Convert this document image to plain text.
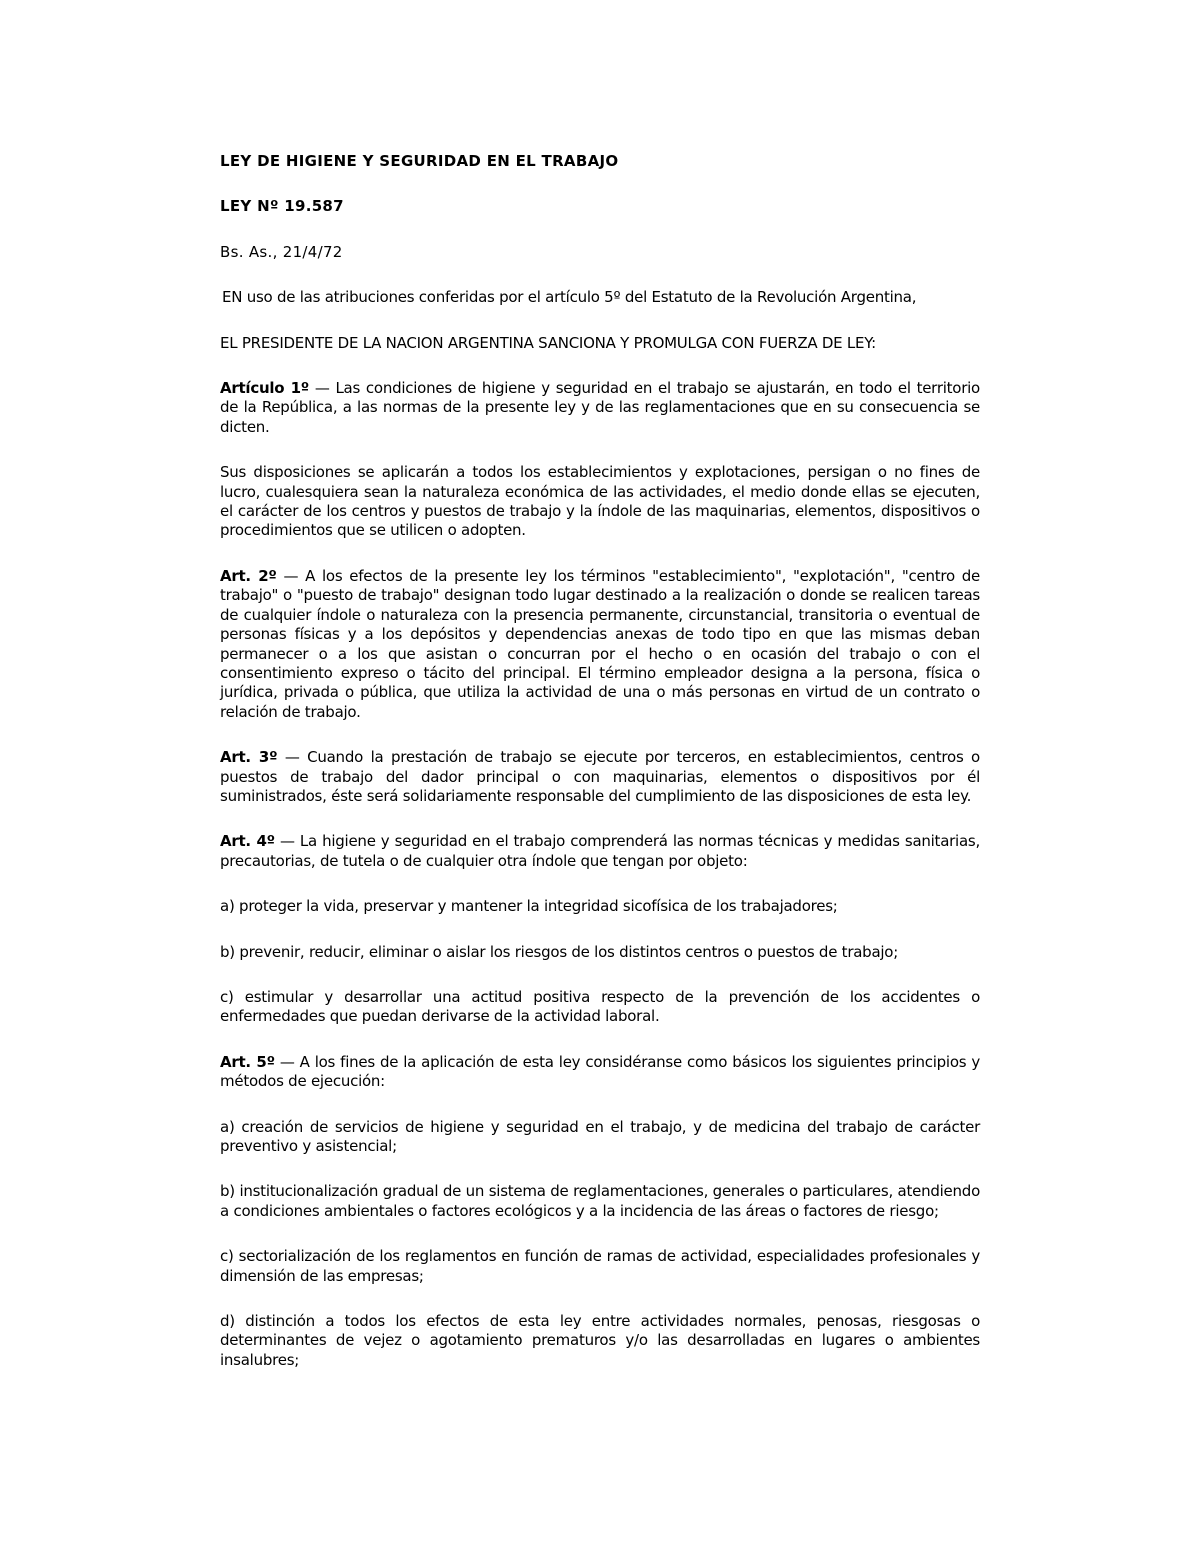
LEY DE HIGIENE Y SEGURIDAD EN EL TRABAJO
LEY Nº 19.587
Bs. As., 21/4/72
EN uso de las atribuciones conferidas por el artículo 5º del Estatuto de la Revolución Argentina,
EL PRESIDENTE DE LA NACION ARGENTINA SANCIONA Y PROMULGA CON FUERZA DE LEY:

Artículo 1º — Las condiciones de higiene y seguridad en el trabajo se ajustarán, en todo el territorio de la República, a las normas de la presente ley y de las reglamentaciones que en su consecuencia se dicten.

Sus disposiciones se aplicarán a todos los establecimientos y explotaciones, persigan o no fines de lucro, cualesquiera sean la naturaleza económica de las actividades, el medio donde ellas se ejecuten, el carácter de los centros y puestos de trabajo y la índole de las maquinarias, elementos, dispositivos o procedimientos que se utilicen o adopten.

Art. 2º — A los efectos de la presente ley los términos "establecimiento", "explotación", "centro de trabajo" o "puesto de trabajo" designan todo lugar destinado a la realización o donde se realicen tareas de cualquier índole o naturaleza con la presencia permanente, circunstancial, transitoria o eventual de personas físicas y a los depósitos y dependencias anexas de todo tipo en que las mismas deban permanecer o a los que asistan o concurran por el hecho o en ocasión del trabajo o con el consentimiento expreso o tácito del principal. El término empleador designa a la persona, física o jurídica, privada o pública, que utiliza la actividad de una o más personas en virtud de un contrato o relación de trabajo.

Art. 3º — Cuando la prestación de trabajo se ejecute por terceros, en establecimientos, centros o puestos de trabajo del dador principal o con maquinarias, elementos o dispositivos por él suministrados, éste será solidariamente responsable del cumplimiento de las disposiciones de esta ley.

Art. 4º — La higiene y seguridad en el trabajo comprenderá las normas técnicas y medidas sanitarias, precautorias, de tutela o de cualquier otra índole que tengan por objeto:

a) proteger la vida, preservar y mantener la integridad sicofísica de los trabajadores;

b) prevenir, reducir, eliminar o aislar los riesgos de los distintos centros o puestos de trabajo;

c) estimular y desarrollar una actitud positiva respecto de la prevención de los accidentes o enfermedades que puedan derivarse de la actividad laboral.

Art. 5º — A los fines de la aplicación de esta ley considéranse como básicos los siguientes principios y métodos de ejecución:

a) creación de servicios de higiene y seguridad en el trabajo, y de medicina del trabajo de carácter preventivo y asistencial;

b) institucionalización gradual de un sistema de reglamentaciones, generales o particulares, atendiendo a condiciones ambientales o factores ecológicos y a la incidencia de las áreas o factores de riesgo;

c) sectorialización de los reglamentos en función de ramas de actividad, especialidades profesionales y dimensión de las empresas;

d) distinción a todos los efectos de esta ley entre actividades normales, penosas, riesgosas o determinantes de vejez o agotamiento prematuros y/o las desarrolladas en lugares o ambientes insalubres;
